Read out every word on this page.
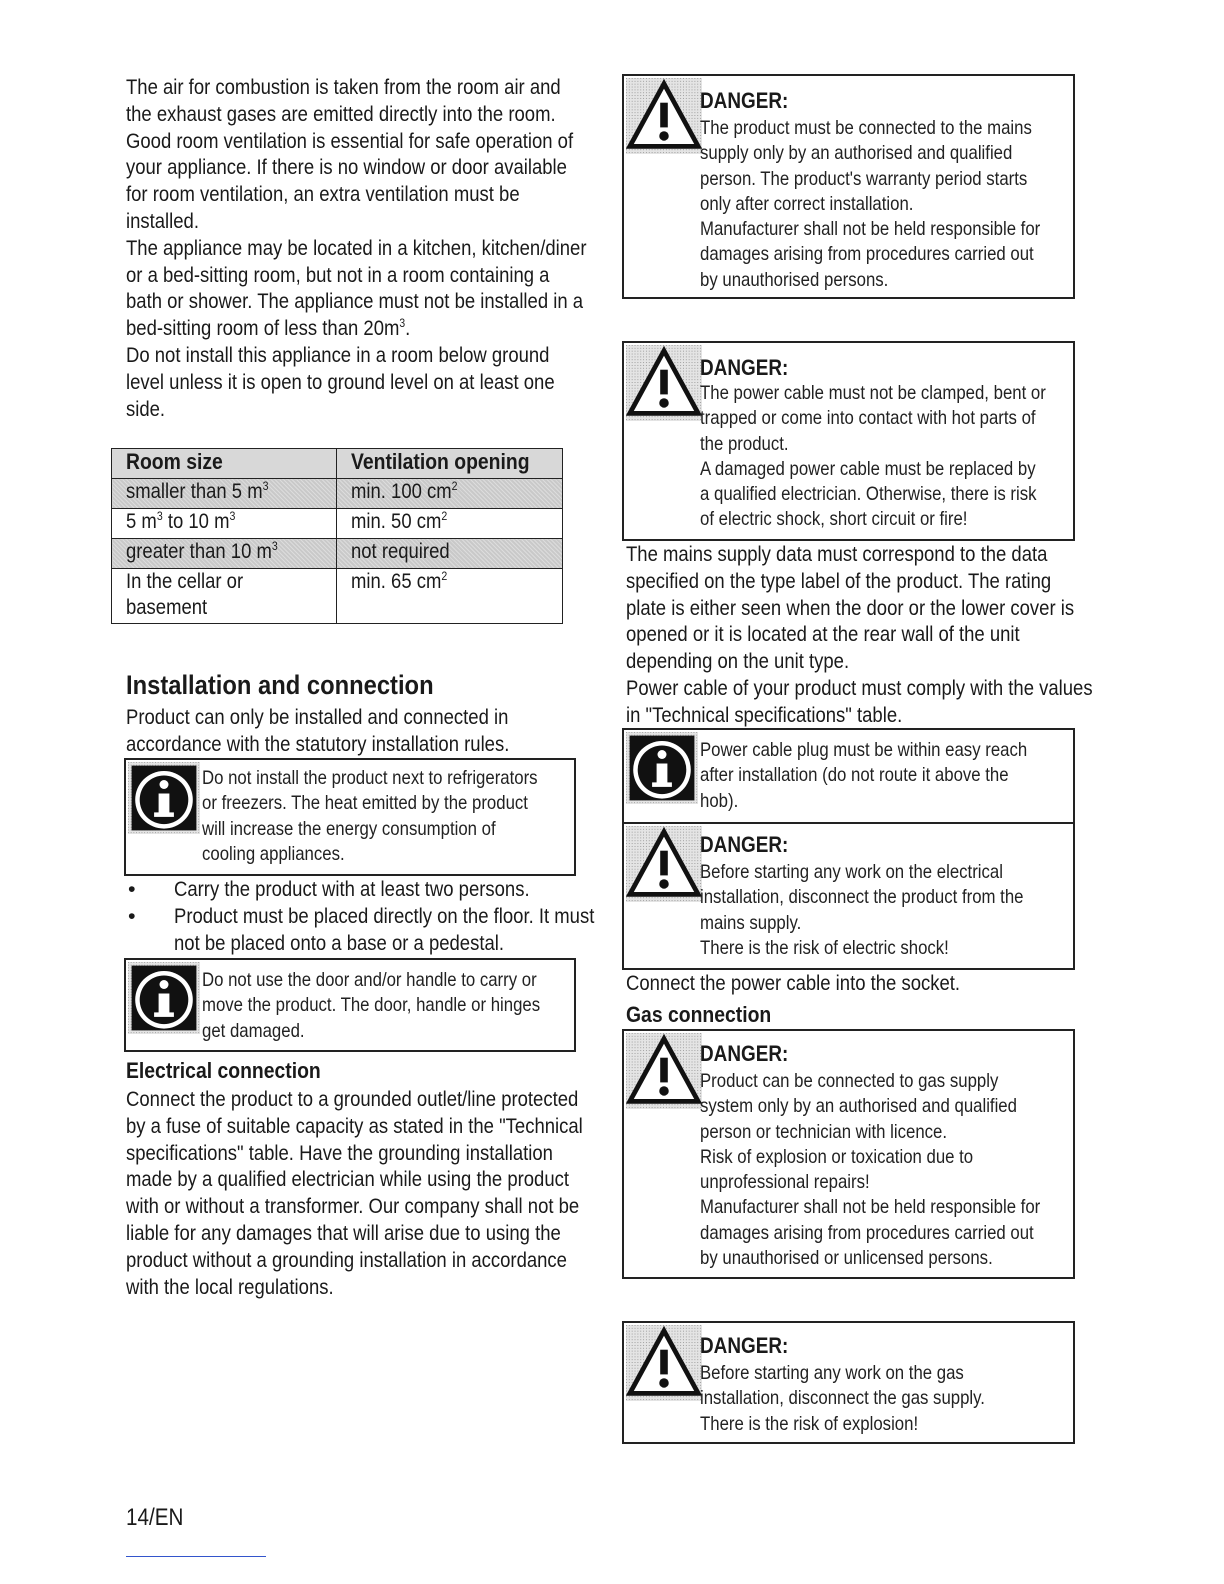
The air for combustion is taken from the room air and the exhaust gases are emitted directly into the room. Good room ventilation is essential for safe operation of your appliance. If there is no window or door available for room ventilation, an extra ventilation must be installed.

The appliance may be located in a kitchen, kitchen/diner or a bed-sitting room, but not in a room containing a bath or shower. The appliance must not be installed in a bed-sitting room of less than $20m^3$.

Do not install this appliance in a room below ground level unless it is open to ground level on at least one side.

Room size	Ventilation opening
smaller than 5 $m^3$	min. 100 $cm^2$
5 $m^3$ to 10 $m^3$	min. 50 $cm^2$
greater than 10 $m^3$	not required
In the cellar or basement	min. 65 $cm^2$
Installation and connection

Product can only be installed and connected in accordance with the statutory installation rules.

Do not install the product next to refrigerators
or freezers. The heat emitted by the product
will increase the energy consumption of
cooling appliances.
• Carry the product with at least two persons.
• Product must be placed directly on the floor. It must not be placed onto a base or a pedestal.
Do not use the door and/or handle to carry or
move the product. The door, handle or hinges
get damaged.
Electrical connection

Connect the product to a grounded outlet/line protected by a fuse of suitable capacity as stated in the "Technical specifications" table. Have the grounding installation made by a qualified electrician while using the product with or without a transformer. Our company shall not be liable for any damages that will arise due to using the product without a grounding installation in accordance with the local regulations.

DANGER:
The product must be connected to the mains
supply only by an authorised and qualified
person. The product's warranty period starts
only after correct installation.
Manufacturer shall not be held responsible for
damages arising from procedures carried out
by unauthorised persons.
DANGER:
The power cable must not be clamped, bent or
trapped or come into contact with hot parts of
the product.
A damaged power cable must be replaced by
a qualified electrician. Otherwise, there is risk
of electric shock, short circuit or fire!

The mains supply data must correspond to the data specified on the type label of the product. The rating plate is either seen when the door or the lower cover is opened or it is located at the rear wall of the unit depending on the unit type.

Power cable of your product must comply with the values in "Technical specifications" table.

Power cable plug must be within easy reach
after installation (do not route it above the
hob).
DANGER:
Before starting any work on the electrical
installation, disconnect the product from the
mains supply.
There is the risk of electric shock!

Connect the power cable into the socket.

Gas connection
DANGER:
Product can be connected to gas supply
system only by an authorised and qualified
person or technician with licence.
Risk of explosion or toxication due to
unprofessional repairs!
Manufacturer shall not be held responsible for
damages arising from procedures carried out
by unauthorised or unlicensed persons.
DANGER:
Before starting any work on the gas
installation, disconnect the gas supply.
There is the risk of explosion!
14/EN
